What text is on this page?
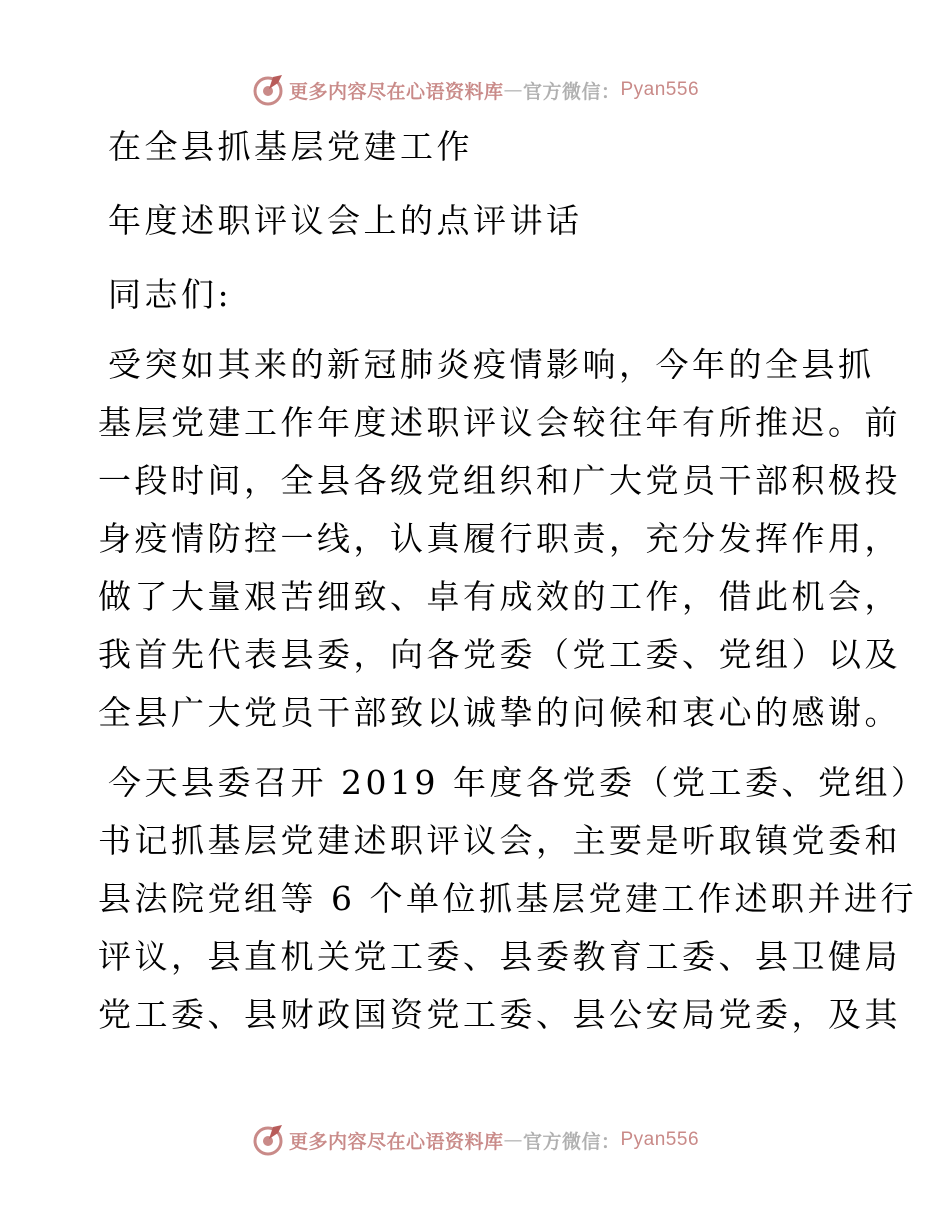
更多内容尽在心语资料库 — 官方微信： Pyan556
在全县抓基层党建工作
年度述职评议会上的点评讲话
同志们:
受突如其来的新冠肺炎疫情影响，今年的全县抓
基层党建工作年度述职评议会较往年有所推迟。前
一段时间，全县各级党组织和广大党员干部积极投
身疫情防控一线，认真履行职责，充分发挥作用，
做了大量艰苦细致、卓有成效的工作，借此机会，
我首先代表县委，向各党委（党工委、党组）以及
全县广大党员干部致以诚挚的问候和衷心的感谢。
今天县委召开 2019 年度各党委（党工委、党组）
书记抓基层党建述职评议会，主要是听取镇党委和
县法院党组等 6 个单位抓基层党建工作述职并进行
评议，县直机关党工委、县委教育工委、县卫健局
党工委、县财政国资党工委、县公安局党委，及其
更多内容尽在心语资料库 — 官方微信： Pyan556
